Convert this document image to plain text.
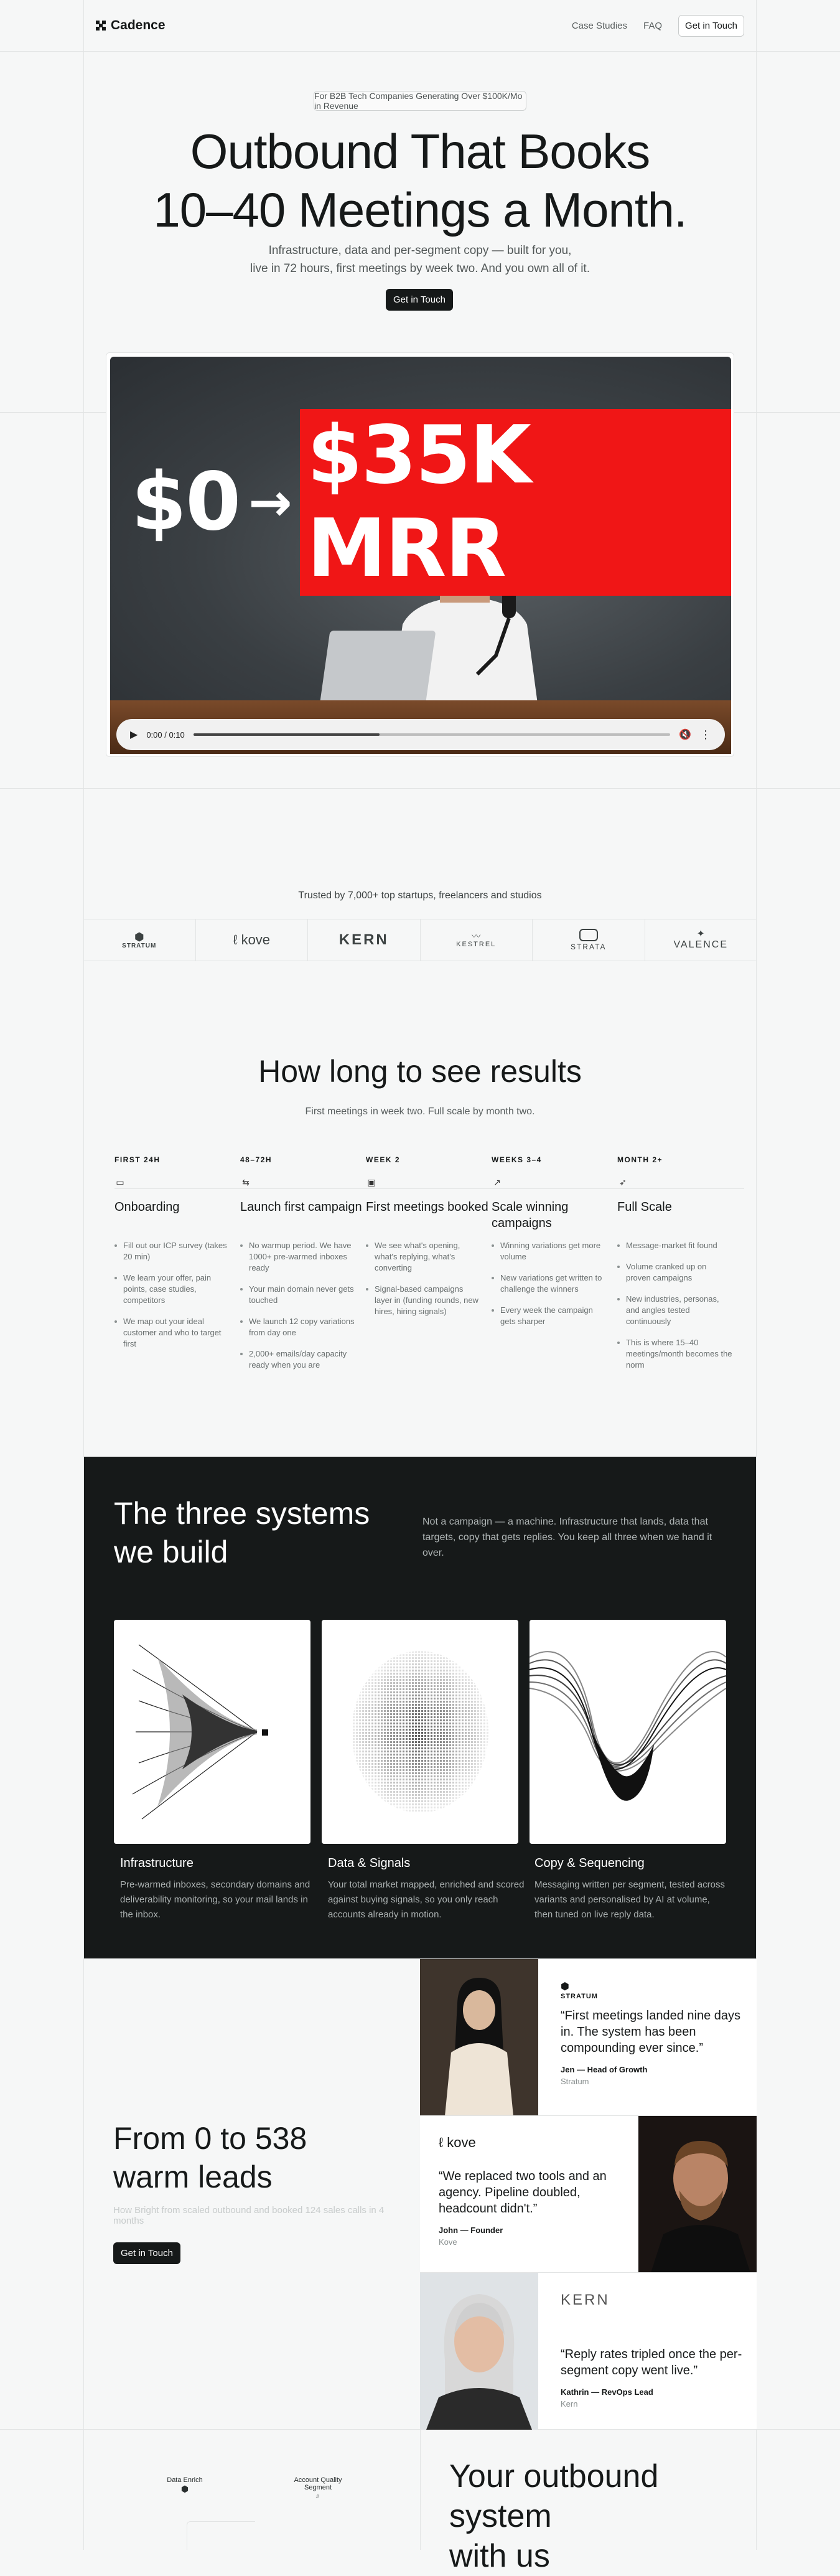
Cadence	Case Studies FAQ	Get in Touch
For B2B Tech Companies Generating Over $100K/Mo in Revenue
Outbound That Books
10–40 Meetings a Month.
Infrastructure, data and per-segment copy — built for you,
live in 72 hours, first meetings by week two. And you own all of it.
Get in Touch
$0 →
$35K MRR
▶ 0:00 / 0:10	🔇 ⋮
Trusted by 7,000+ top startups, freelancers and studios
⬢
STRATUM	ℓ kove	KERN	〰
KESTREL	STRATA
✦
VALENCE
How long to see results
First meetings in week two. Full scale by month two.
FIRST 24H
▭
Onboarding
Fill out our ICP survey (takes 20 min)
We learn your offer, pain points, case studies, competitors
We map out your ideal customer and who to target first
48–72H
⇆
Launch first campaign
No warmup period. We have 1000+ pre-warmed inboxes ready
Your main domain never gets touched
We launch 12 copy variations from day one
2,000+ emails/day capacity ready when you are
WEEK 2
▣
First meetings booked
We see what's opening, what's replying, what's converting
Signal-based campaigns layer in (funding rounds, new hires, hiring signals)
WEEKS 3–4
↗
Scale winning campaigns
Winning variations get more volume
New variations get written to challenge the winners
Every week the campaign gets sharper
MONTH 2+
➶
Full Scale
Message-market fit found
Volume cranked up on proven campaigns
New industries, personas, and angles tested continuously
This is where 15–40 meetings/month becomes the norm
The three systems
we build
Not a campaign — a machine. Infrastructure that lands, data that targets, copy that gets replies. You keep all three when we hand it over.
Infrastructure
Pre-warmed inboxes, secondary domains and deliverability monitoring, so your mail lands in the inbox.
Data & Signals
Your total market mapped, enriched and scored against buying signals, so you only reach accounts already in motion.
Copy & Sequencing
Messaging written per segment, tested across variants and personalised by AI at volume, then tuned on live reply data.
From 0 to 538
warm leads
How Bright from scaled outbound and booked 124 sales calls in 4 months
Get in Touch
⬢
STRATUM
“First meetings landed nine days in. The system has been compounding ever since.”
Jen — Head of Growth
Stratum
ℓ kove
“We replaced two tools and an agency. Pipeline doubled, headcount didn't.”
John — Founder
Kove
KERN
“Reply rates tripled once the per-segment copy went live.”
Kathrin — RevOps Lead
Kern
Data Enrich
⬢
Account Quality
Segment
⌕
Your outbound
system
with us
